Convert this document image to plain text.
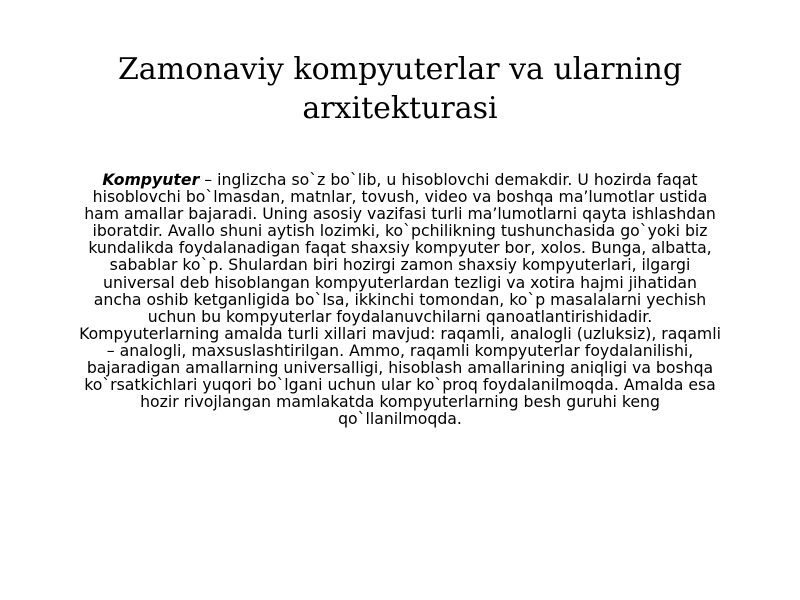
Zamonaviy kompyuterlar va ularning arxitekturasi

Kompyuter – inglizcha so`z bo`lib, u hisoblovchi demakdir. U hozirda faqat hisoblovchi bo`lmasdan, matnlar, tovush, video va boshqa ma’lumotlar ustida ham amallar bajaradi. Uning asosiy vazifasi turli ma’lumotlarni qayta ishlashdan iboratdir. Avallo shuni aytish lozimki, ko`pchilikning tushunchasida go`yoki biz kundalikda foydalanadigan faqat shaxsiy kompyuter bor, xolos. Bunga, albatta, sabablar ko`p. Shulardan biri hozirgi zamon shaxsiy kompyuterlari, ilgargi universal deb hisoblangan kompyuterlardan tezligi va xotira hajmi jihatidan ancha oshib ketganligida bo`lsa, ikkinchi tomondan, ko`p masalalarni yechish uchun bu kompyuterlar foydalanuvchilarni qanoatlantirishidadir. Kompyuterlarning amalda turli xillari mavjud: raqamli, analogli (uzluksiz), raqamli – analogli, maxsuslashtirilgan. Ammo, raqamli kompyuterlar foydalanilishi, bajaradigan amallarning universalligi, hisoblash amallarining aniqligi va boshqa ko`rsatkichlari yuqori bo`lgani uchun ular ko`proq foydalanilmoqda. Amalda esa hozir rivojlangan mamlakatda kompyuterlarning besh guruhi keng qo`llanilmoqda.
